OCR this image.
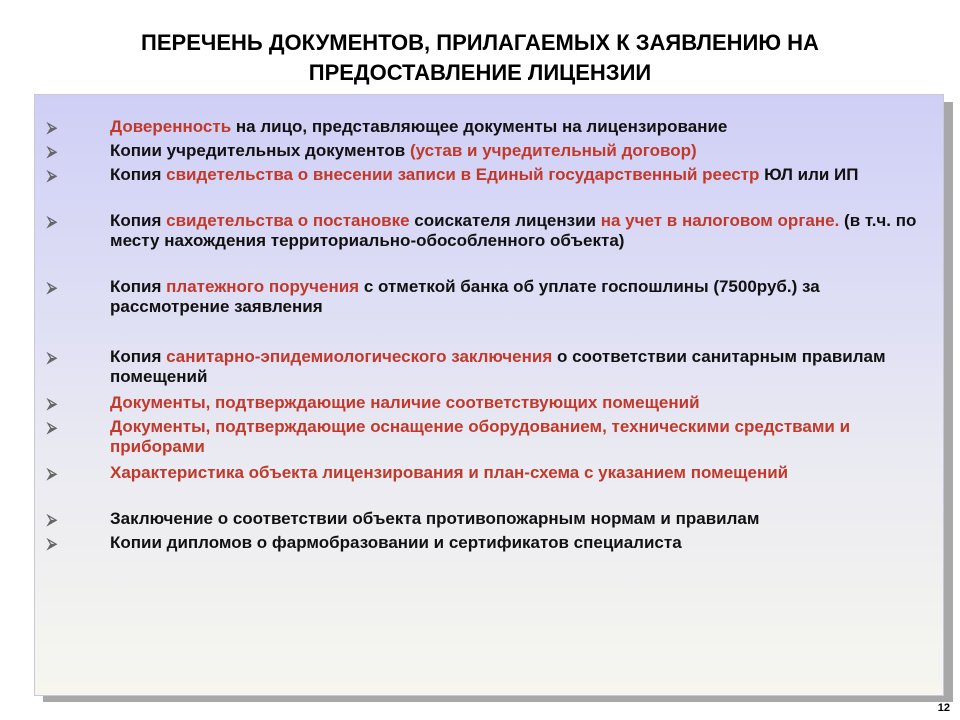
ПЕРЕЧЕНЬ ДОКУМЕНТОВ, ПРИЛАГАЕМЫХ К ЗАЯВЛЕНИЮ НА
ПРЕДОСТАВЛЕНИЕ ЛИЦЕНЗИИ
⮚	Доверенность на лицо, представляющее документы на лицензирование
⮚	Копии учредительных документов (устав и учредительный договор)
⮚	Копия свидетельства о внесении записи в Единый государственный реестр ЮЛ или ИП
⮚	Копия свидетельства о постановке соискателя лицензии на учет в налоговом органе. (в т.ч. по месту нахождения территориально-обособленного объекта)
⮚	Копия платежного поручения с отметкой банка об уплате госпошлины (7500руб.) за рассмотрение заявления
⮚	Копия санитарно-эпидемиологического заключения о соответствии санитарным правилам помещений
⮚	Документы, подтверждающие наличие соответствующих помещений
⮚	Документы, подтверждающие оснащение оборудованием, техническими средствами и приборами
⮚	Характеристика объекта лицензирования и план-схема с указанием помещений
⮚	Заключение о соответствии объекта противопожарным нормам и правилам
⮚	Копии дипломов о фармобразовании и сертификатов специалиста
12
